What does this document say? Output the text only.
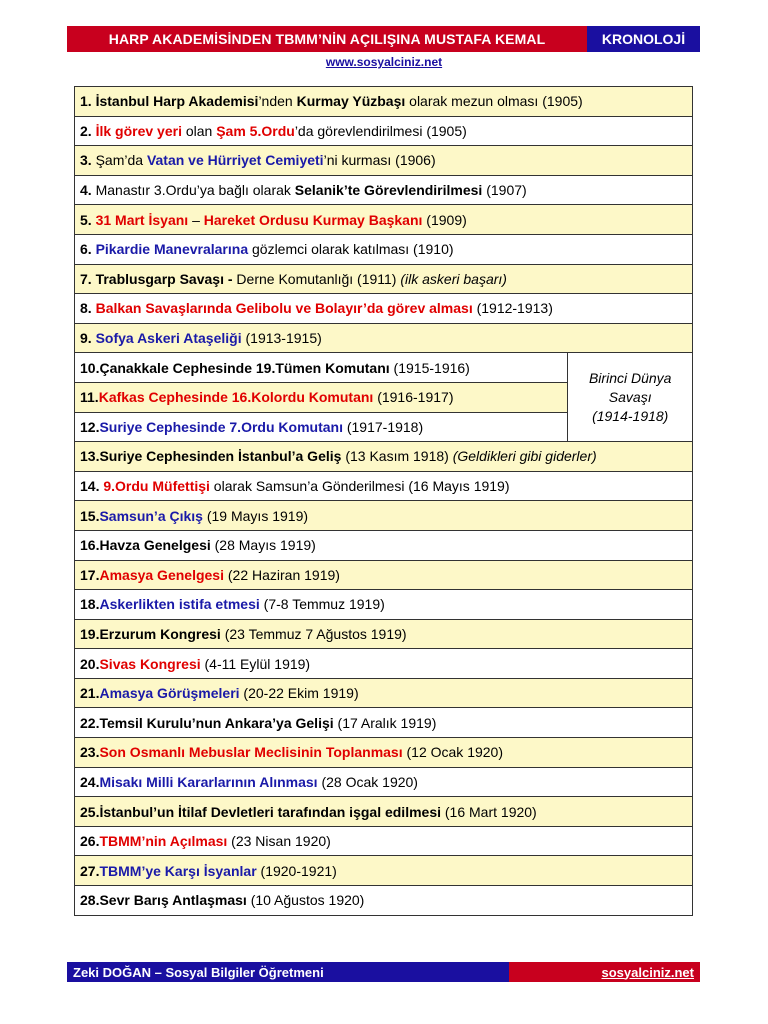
HARP AKADEMİSİNDEN TBMM’NİN AÇILIŞINA MUSTAFA KEMAL	KRONOLOJİ
www.sosyalciniz.net
1. İstanbul Harp Akademisi’nden Kurmay Yüzbaşı olarak mezun olması (1905)
2. İlk görev yeri olan Şam 5.Ordu’da görevlendirilmesi (1905)
3. Şam’da Vatan ve Hürriyet Cemiyeti’ni kurması (1906)
4. Manastır 3.Ordu’ya bağlı olarak Selanik’te Görevlendirilmesi (1907)
5. 31 Mart İsyanı – Hareket Ordusu Kurmay Başkanı (1909)
6. Pikardie Manevralarına gözlemci olarak katılması (1910)
7. Trablusgarp Savaşı - Derne Komutanlığı (1911) (ilk askeri başarı)
8. Balkan Savaşlarında Gelibolu ve Bolayır’da görev alması (1912-1913)
9. Sofya Askeri Ataşeliği (1913-1915)
10.Çanakkale Cephesinde 19.Tümen Komutanı (1915-1916)	Birinci Dünya
Savaşı
(1914-1918)
11.Kafkas Cephesinde 16.Kolordu Komutanı (1916-1917)
12.Suriye Cephesinde 7.Ordu Komutanı (1917-1918)
13.Suriye Cephesinden İstanbul’a Geliş (13 Kasım 1918) (Geldikleri gibi giderler)
14. 9.Ordu Müfettişi olarak Samsun’a Gönderilmesi (16 Mayıs 1919)
15.Samsun’a Çıkış (19 Mayıs 1919)
16.Havza Genelgesi (28 Mayıs 1919)
17.Amasya Genelgesi (22 Haziran 1919)
18.Askerlikten istifa etmesi (7-8 Temmuz 1919)
19.Erzurum Kongresi (23 Temmuz 7 Ağustos 1919)
20.Sivas Kongresi (4-11 Eylül 1919)
21.Amasya Görüşmeleri (20-22 Ekim 1919)
22.Temsil Kurulu’nun Ankara’ya Gelişi (17 Aralık 1919)
23.Son Osmanlı Mebuslar Meclisinin Toplanması (12 Ocak 1920)
24.Misakı Milli Kararlarının Alınması (28 Ocak 1920)
25.İstanbul’un İtilaf Devletleri tarafından işgal edilmesi (16 Mart 1920)
26.TBMM’nin Açılması (23 Nisan 1920)
27.TBMM’ye Karşı İsyanlar (1920-1921)
28.Sevr Barış Antlaşması (10 Ağustos 1920)
Zeki DOĞAN – Sosyal Bilgiler Öğretmeni	sosyalciniz.net
